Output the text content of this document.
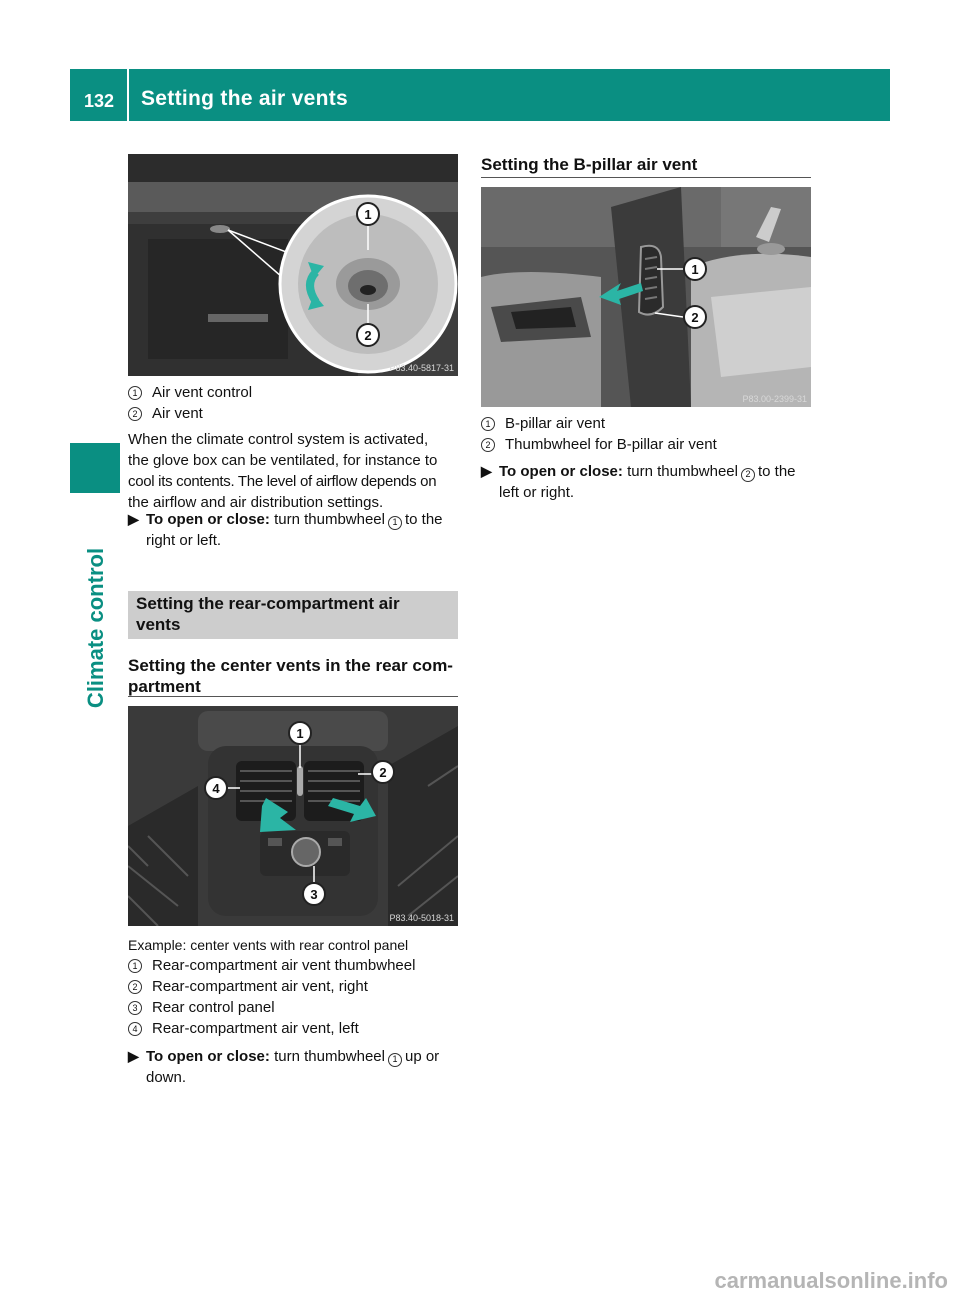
132 Setting the air vents
Climate control
1
2
P83.40-5817-31
1 Air vent control
2 Air vent
When the climate control system is activated,
the glove box can be ventilated, for instance to
cool its contents. The level of airflow depends on
the airflow and air distribution settings.
▶ To open or close: turn thumbwheel 1 to the
right or left.
Setting the rear-compartment air
vents
Setting the center vents in the rear com-
partment
1
2
3
4
P83.40-5018-31
Example: center vents with rear control panel
1 Rear-compartment air vent thumbwheel
2 Rear-compartment air vent, right
3 Rear control panel
4 Rear-compartment air vent, left
▶ To open or close: turn thumbwheel 1 up or
down.
Setting the B-pillar air vent
1
2
P83.00-2399-31
1 B-pillar air vent
2 Thumbwheel for B-pillar air vent
▶ To open or close: turn thumbwheel 2 to the
left or right.
carmanualsonline.info
